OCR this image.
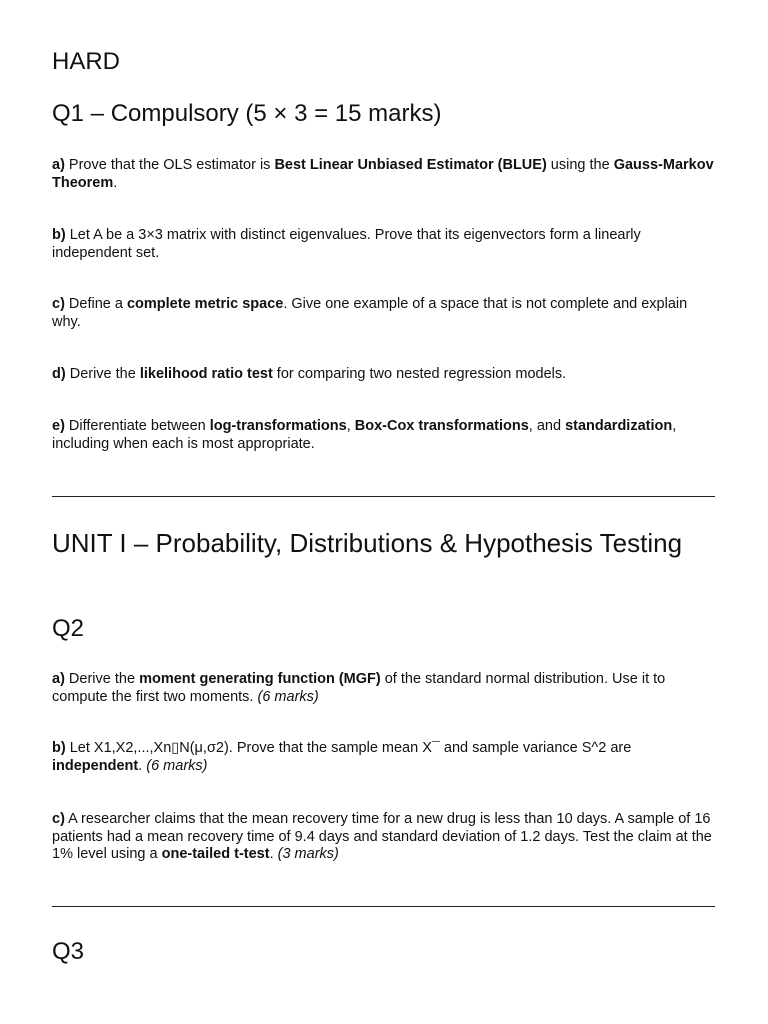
HARD
Q1 – Compulsory (5 × 3 = 15 marks)

a) Prove that the OLS estimator is Best Linear Unbiased Estimator (BLUE) using the Gauss-Markov Theorem.

b) Let A be a 3×3 matrix with distinct eigenvalues. Prove that its eigenvectors form a linearly independent set.

c) Define a complete metric space. Give one example of a space that is not complete and explain why.

d) Derive the likelihood ratio test for comparing two nested regression models.

e) Differentiate between log-transformations, Box-Cox transformations, and standardization, including when each is most appropriate.

UNIT I – Probability, Distributions & Hypothesis Testing
Q2

a) Derive the moment generating function (MGF) of the standard normal distribution. Use it to compute the first two moments. (6 marks)

b) Let X1,X2,...,Xn▯N(μ,σ2). Prove that the sample mean X¯ and sample variance S^2 are independent. (6 marks)

c) A researcher claims that the mean recovery time for a new drug is less than 10 days. A sample of 16 patients had a mean recovery time of 9.4 days and standard deviation of 1.2 days. Test the claim at the 1% level using a one-tailed t-test. (3 marks)

Q3
